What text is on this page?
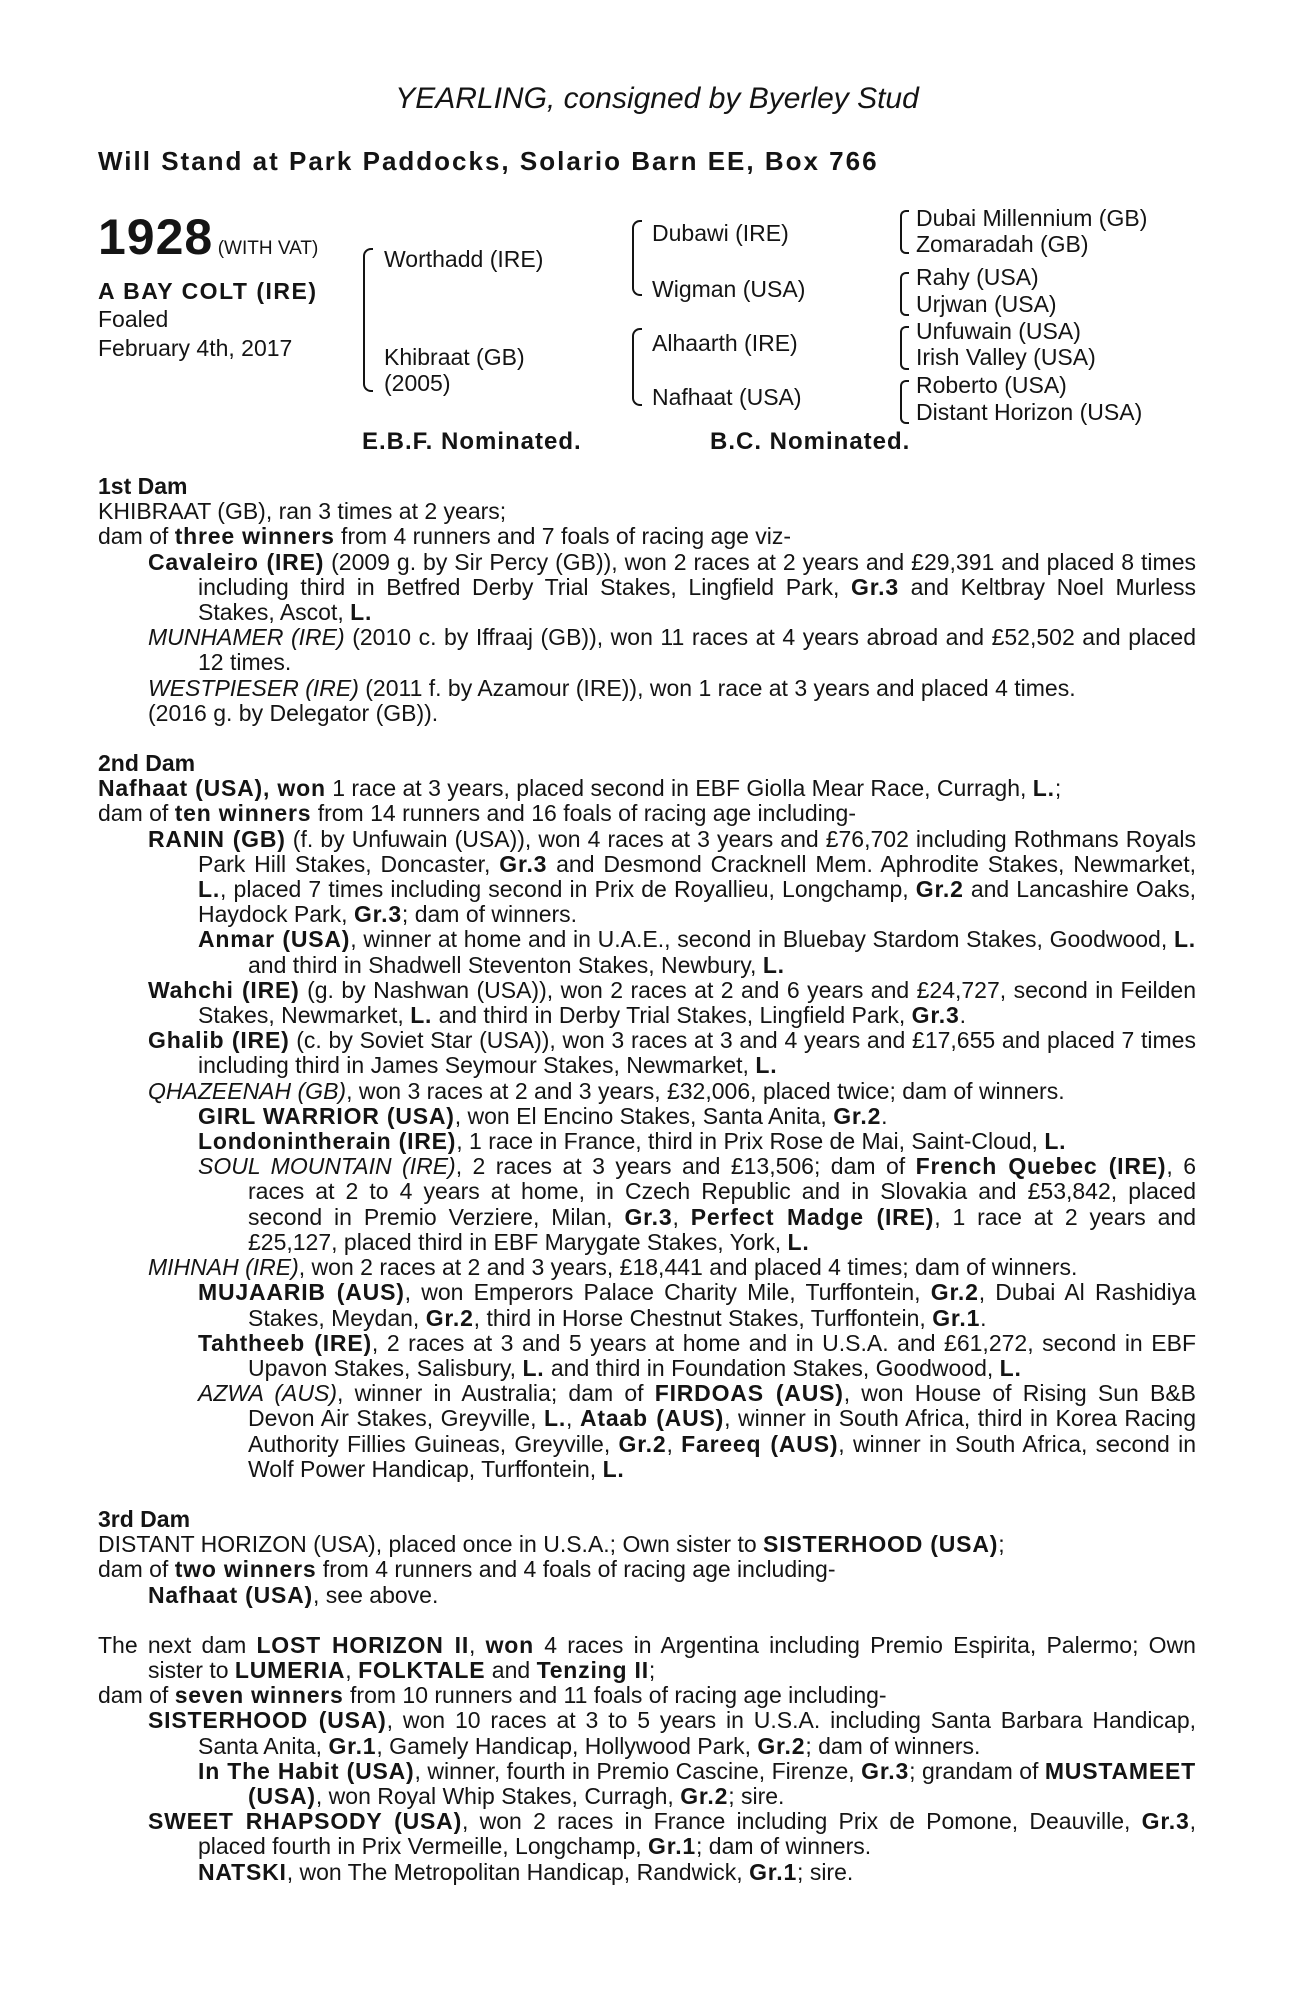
YEARLING, consigned by Byerley Stud
Will Stand at Park Paddocks, Solario Barn EE, Box 766
1928 (WITH VAT)
A BAY COLT (IRE)
Foaled
February 4th, 2017
Worthadd (IRE)
Khibraat (GB)
(2005)
Dubawi (IRE)
Wigman (USA)
Alhaarth (IRE)
Nafhaat (USA)
Dubai Millennium (GB)
Zomaradah (GB)
Rahy (USA)
Urjwan (USA)
Unfuwain (USA)
Irish Valley (USA)
Roberto (USA)
Distant Horizon (USA)
E.B.F. Nominated.	B.C. Nominated.
1st Dam

KHIBRAAT (GB), ran 3 times at 2 years;

dam of three winners from 4 runners and 7 foals of racing age viz-

Cavaleiro (IRE) (2009 g. by Sir Percy (GB)), won 2 races at 2 years and £29,391 and placed 8 times including third in Betfred Derby Trial Stakes, Lingfield Park, Gr.3 and Keltbray Noel Murless Stakes, Ascot, L.

MUNHAMER (IRE) (2010 c. by Iffraaj (GB)), won 11 races at 4 years abroad and £52,502 and placed 12 times.

WESTPIESER (IRE) (2011 f. by Azamour (IRE)), won 1 race at 3 years and placed 4 times.

(2016 g. by Delegator (GB)).

2nd Dam

Nafhaat (USA), won 1 race at 3 years, placed second in EBF Giolla Mear Race, Curragh, L.;

dam of ten winners from 14 runners and 16 foals of racing age including-

RANIN (GB) (f. by Unfuwain (USA)), won 4 races at 3 years and £76,702 including Rothmans Royals Park Hill Stakes, Doncaster, Gr.3 and Desmond Cracknell Mem. Aphrodite Stakes, Newmarket, L., placed 7 times including second in Prix de Royallieu, Longchamp, Gr.2 and Lancashire Oaks, Haydock Park, Gr.3; dam of winners.

Anmar (USA), winner at home and in U.A.E., second in Bluebay Stardom Stakes, Goodwood, L. and third in Shadwell Steventon Stakes, Newbury, L.

Wahchi (IRE) (g. by Nashwan (USA)), won 2 races at 2 and 6 years and £24,727, second in Feilden Stakes, Newmarket, L. and third in Derby Trial Stakes, Lingfield Park, Gr.3.

Ghalib (IRE) (c. by Soviet Star (USA)), won 3 races at 3 and 4 years and £17,655 and placed 7 times including third in James Seymour Stakes, Newmarket, L.

QHAZEENAH (GB), won 3 races at 2 and 3 years, £32,006, placed twice; dam of winners.

GIRL WARRIOR (USA), won El Encino Stakes, Santa Anita, Gr.2.

Londonintherain (IRE), 1 race in France, third in Prix Rose de Mai, Saint-Cloud, L.

SOUL MOUNTAIN (IRE), 2 races at 3 years and £13,506; dam of French Quebec (IRE), 6 races at 2 to 4 years at home, in Czech Republic and in Slovakia and £53,842, placed second in Premio Verziere, Milan, Gr.3, Perfect Madge (IRE), 1 race at 2 years and £25,127, placed third in EBF Marygate Stakes, York, L.

MIHNAH (IRE), won 2 races at 2 and 3 years, £18,441 and placed 4 times; dam of winners.

MUJAARIB (AUS), won Emperors Palace Charity Mile, Turffontein, Gr.2, Dubai Al Rashidiya Stakes, Meydan, Gr.2, third in Horse Chestnut Stakes, Turffontein, Gr.1.

Tahtheeb (IRE), 2 races at 3 and 5 years at home and in U.S.A. and £61,272, second in EBF Upavon Stakes, Salisbury, L. and third in Foundation Stakes, Goodwood, L.

AZWA (AUS), winner in Australia; dam of FIRDOAS (AUS), won House of Rising Sun B&B Devon Air Stakes, Greyville, L., Ataab (AUS), winner in South Africa, third in Korea Racing Authority Fillies Guineas, Greyville, Gr.2, Fareeq (AUS), winner in South Africa, second in Wolf Power Handicap, Turffontein, L.

3rd Dam

DISTANT HORIZON (USA), placed once in U.S.A.; Own sister to SISTERHOOD (USA);

dam of two winners from 4 runners and 4 foals of racing age including-

Nafhaat (USA), see above.

The next dam LOST HORIZON II, won 4 races in Argentina including Premio Espirita, Palermo; Own sister to LUMERIA, FOLKTALE and Tenzing II;

dam of seven winners from 10 runners and 11 foals of racing age including-

SISTERHOOD (USA), won 10 races at 3 to 5 years in U.S.A. including Santa Barbara Handicap, Santa Anita, Gr.1, Gamely Handicap, Hollywood Park, Gr.2; dam of winners.

In The Habit (USA), winner, fourth in Premio Cascine, Firenze, Gr.3; grandam of MUSTAMEET (USA), won Royal Whip Stakes, Curragh, Gr.2; sire.

SWEET RHAPSODY (USA), won 2 races in France including Prix de Pomone, Deauville, Gr.3, placed fourth in Prix Vermeille, Longchamp, Gr.1; dam of winners.

NATSKI, won The Metropolitan Handicap, Randwick, Gr.1; sire.
